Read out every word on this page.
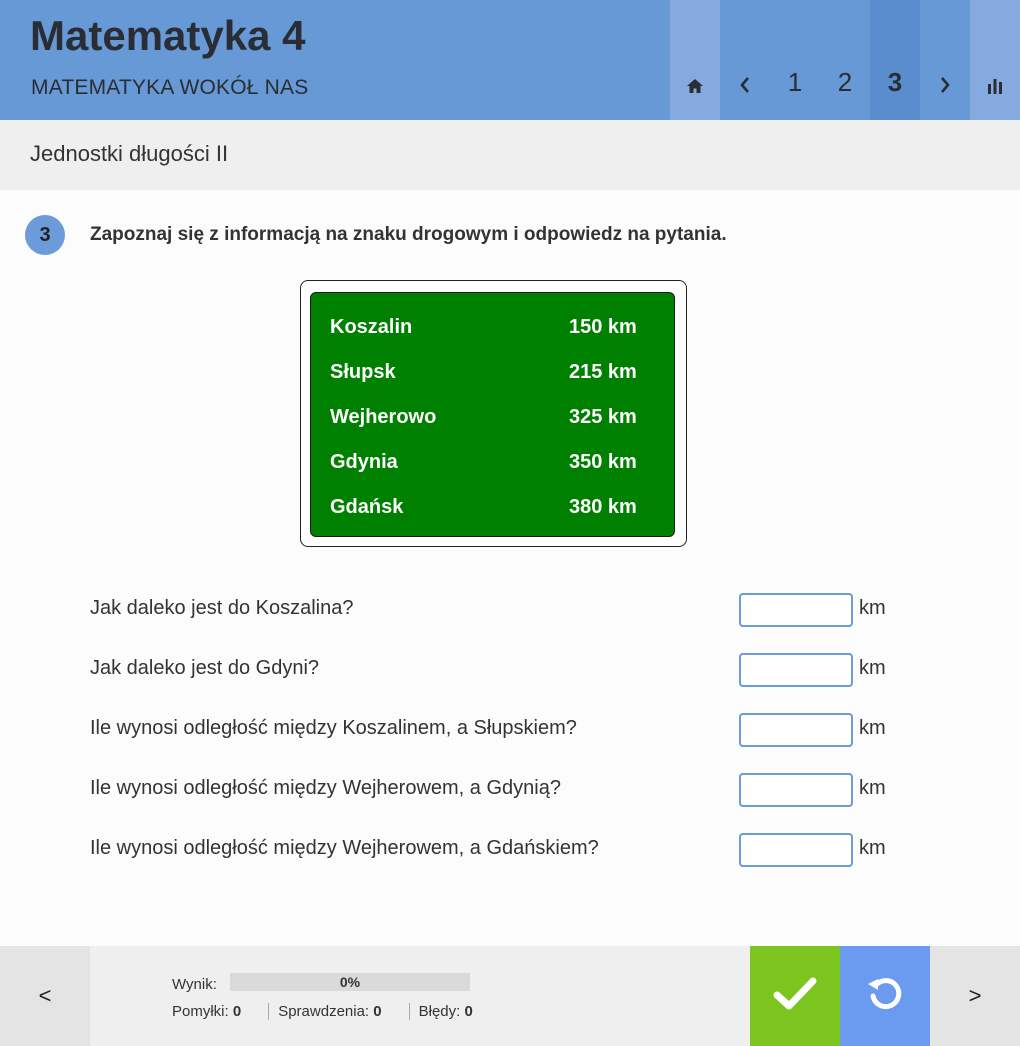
Matematyka 4
MATEMATYKA WOKÓŁ NAS	1	2	3
Jednostki długości II
3	Zapoznaj się z informacją na znaku drogowym i odpowiedz na pytania.
Koszalin	150 km
Słupsk	215 km
Wejherowo	325 km
Gdynia	350 km
Gdańsk	380 km
Jak daleko jest do Koszalina?	km
Jak daleko jest do Gdyni?	km
Ile wynosi odległość między Koszalinem, a Słupskiem?	km
Ile wynosi odległość między Wejherowem, a Gdynią?	km
Ile wynosi odległość między Wejherowem, a Gdańskiem?	km
<	Wynik:	0%
Pomyłki: 0	Sprawdzenia: 0	Błędy: 0
>
